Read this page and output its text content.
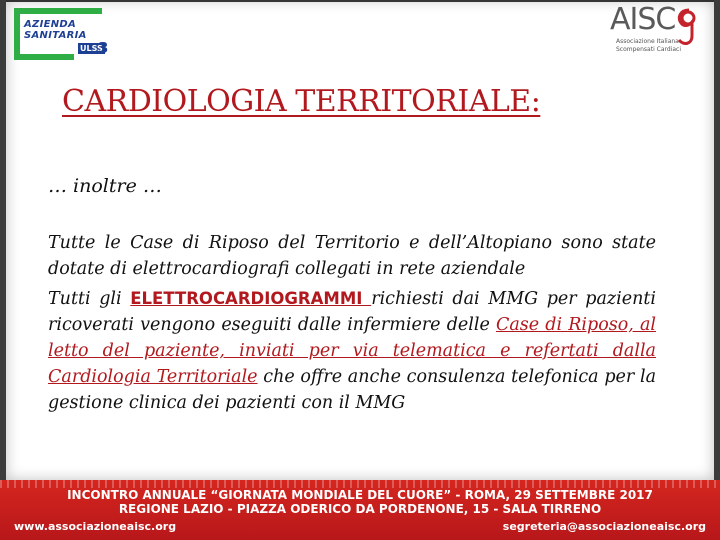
AZIENDA
SANITARIA
ULSS
3
AISC
Associazione Italiana
Scompensati Cardiaci
CARDIOLOGIA TERRITORIALE:

… inoltre …

Tutte le Case di Riposo del Territorio e dell’Altopiano sono state dotate di elettrocardiografi collegati in rete aziendale

Tutti gli ELETTROCARDIOGRAMMI richiesti dai MMG per pazienti ricoverati vengono eseguiti dalle infermiere delle Case di Riposo, al letto del paziente, inviati per via telematica e refertati dalla Cardiologia Territoriale che offre anche consulenza telefonica per la gestione clinica dei pazienti con il MMG

INCONTRO ANNUALE “GIORNATA MONDIALE DEL CUORE” - ROMA, 29 SETTEMBRE 2017
REGIONE LAZIO - PIAZZA ODERICO DA PORDENONE, 15 - SALA TIRRENO
www.associazioneaisc.org	segreteria@associazioneaisc.org
